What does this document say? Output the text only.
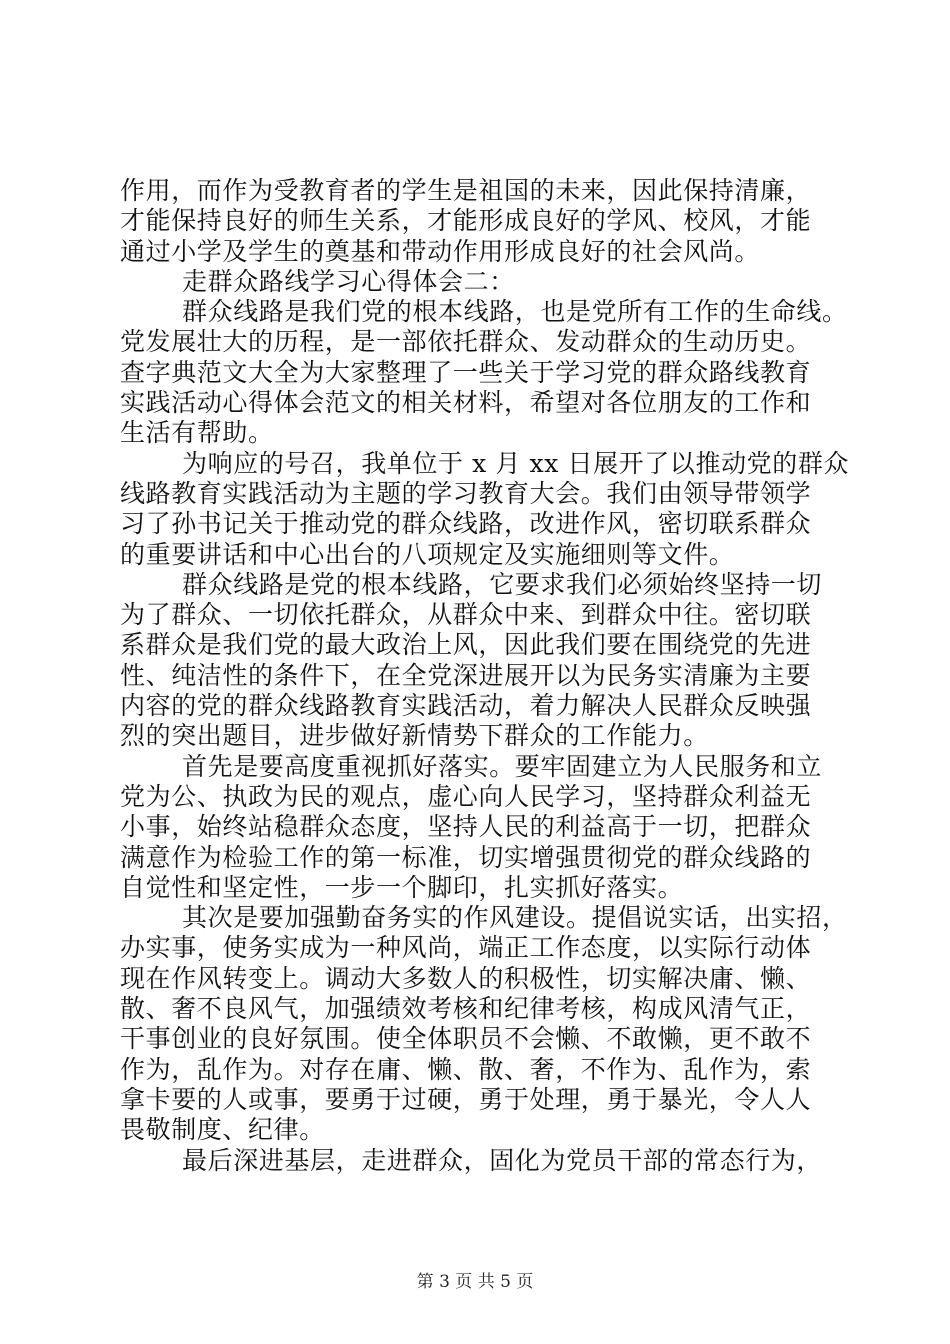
作用，而作为受教育者的学生是祖国的未来，因此保持清廉，
才能保持良好的师生关系，才能形成良好的学风、校风，才能
通过小学及学生的奠基和带动作用形成良好的社会风尚。
走群众路线学习心得体会二：
群众线路是我们党的根本线路，也是党所有工作的生命线。
党发展壮大的历程，是一部依托群众、发动群众的生动历史。
查字典范文大全为大家整理了一些关于学习党的群众路线教育
实践活动心得体会范文的相关材料，希望对各位朋友的工作和
生活有帮助。
为响应的号召，我单位于 x 月 xx 日展开了以推动党的群众
线路教育实践活动为主题的学习教育大会。我们由领导带领学
习了孙书记关于推动党的群众线路，改进作风，密切联系群众
的重要讲话和中心出台的八项规定及实施细则等文件。
群众线路是党的根本线路，它要求我们必须始终坚持一切
为了群众、一切依托群众，从群众中来、到群众中往。密切联
系群众是我们党的最大政治上风，因此我们要在围绕党的先进
性、纯洁性的条件下，在全党深进展开以为民务实清廉为主要
内容的党的群众线路教育实践活动，着力解决人民群众反映强
烈的突出题目，进步做好新情势下群众的工作能力。
首先是要高度重视抓好落实。要牢固建立为人民服务和立
党为公、执政为民的观点，虚心向人民学习，坚持群众利益无
小事，始终站稳群众态度，坚持人民的利益高于一切，把群众
满意作为检验工作的第一标准，切实增强贯彻党的群众线路的
自觉性和坚定性，一步一个脚印，扎实抓好落实。
其次是要加强勤奋务实的作风建设。提倡说实话，出实招，
办实事，使务实成为一种风尚，端正工作态度，以实际行动体
现在作风转变上。调动大多数人的积极性，切实解决庸、懒、
散、奢不良风气，加强绩效考核和纪律考核，构成风清气正，
干事创业的良好氛围。使全体职员不会懒、不敢懒，更不敢不
作为，乱作为。对存在庸、懒、散、奢，不作为、乱作为，索
拿卡要的人或事，要勇于过硬，勇于处理，勇于暴光，令人人
畏敬制度、纪律。
最后深进基层，走进群众，固化为党员干部的常态行为，
第 3 页 共 5 页
